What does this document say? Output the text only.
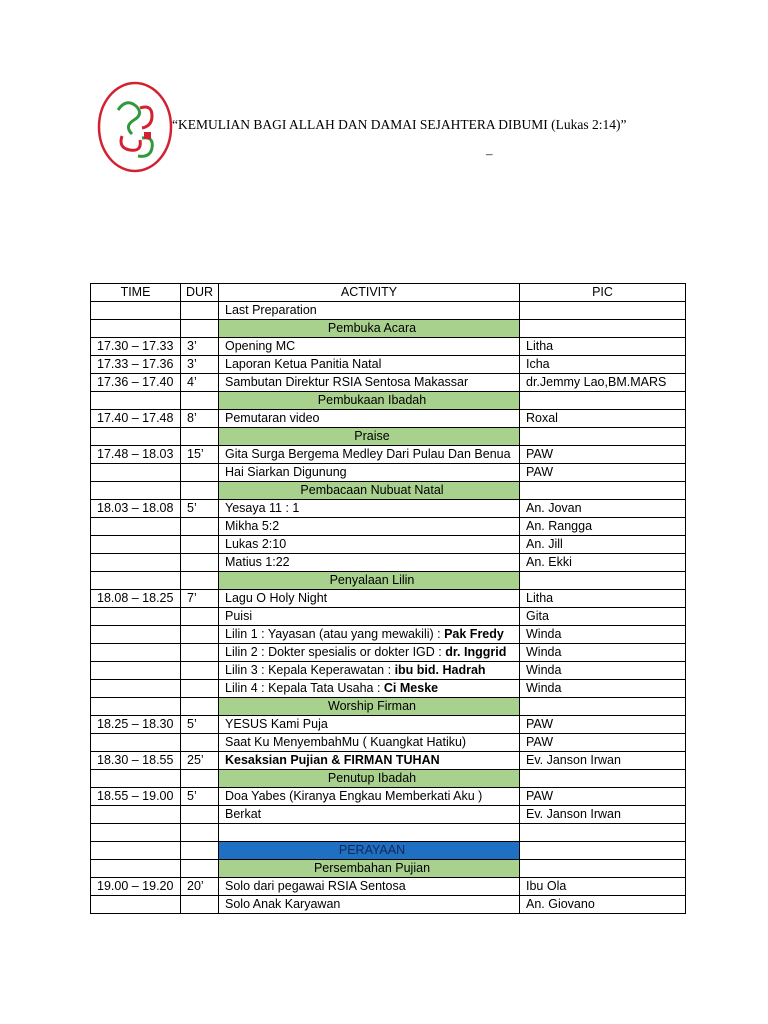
“KEMULIAN BAGI ALLAH DAN DAMAI SEJAHTERA DIBUMI (Lukas 2:14)”
–
TIME	DUR	ACTIVITY	PIC
		Last Preparation	
		Pembuka Acara	
17.30 – 17.33	3’	Opening MC	Litha
17.33 – 17.36	3’	Laporan Ketua Panitia Natal	Icha
17.36 – 17.40	4’	Sambutan Direktur RSIA Sentosa Makassar	dr.Jemmy Lao,BM.MARS
		Pembukaan Ibadah	
17.40 – 17.48	8’	Pemutaran video	Roxal
		Praise	
17.48 – 18.03	15’	Gita Surga Bergema Medley Dari Pulau Dan Benua	PAW
		Hai Siarkan Digunung	PAW
		Pembacaan Nubuat Natal	
18.03 – 18.08	5’	Yesaya 11 : 1	An. Jovan
		Mikha 5:2	An. Rangga
		Lukas 2:10	An. Jill
		Matius 1:22	An. Ekki
		Penyalaan Lilin	
18.08 – 18.25	7’	Lagu O Holy Night	Litha
		Puisi	Gita
		Lilin 1 : Yayasan (atau yang mewakili) : Pak Fredy	Winda
		Lilin 2 : Dokter spesialis or dokter IGD : dr. Inggrid	Winda
		Lilin 3 : Kepala Keperawatan : ibu bid. Hadrah	Winda
		Lilin 4 : Kepala Tata Usaha : Ci Meske	Winda
		Worship Firman	
18.25 – 18.30	5’	YESUS Kami Puja	PAW
		Saat Ku MenyembahMu ( Kuangkat Hatiku)	PAW
18.30 – 18.55	25’	Kesaksian Pujian & FIRMAN TUHAN	Ev. Janson Irwan
		Penutup Ibadah	
18.55 – 19.00	5’	Doa Yabes (Kiranya Engkau Memberkati Aku )	PAW
		Berkat	Ev. Janson Irwan

		PERAYAAN	
		Persembahan Pujian	
19.00 – 19.20	20’	Solo dari pegawai RSIA Sentosa	Ibu Ola
		Solo Anak Karyawan	An. Giovano
